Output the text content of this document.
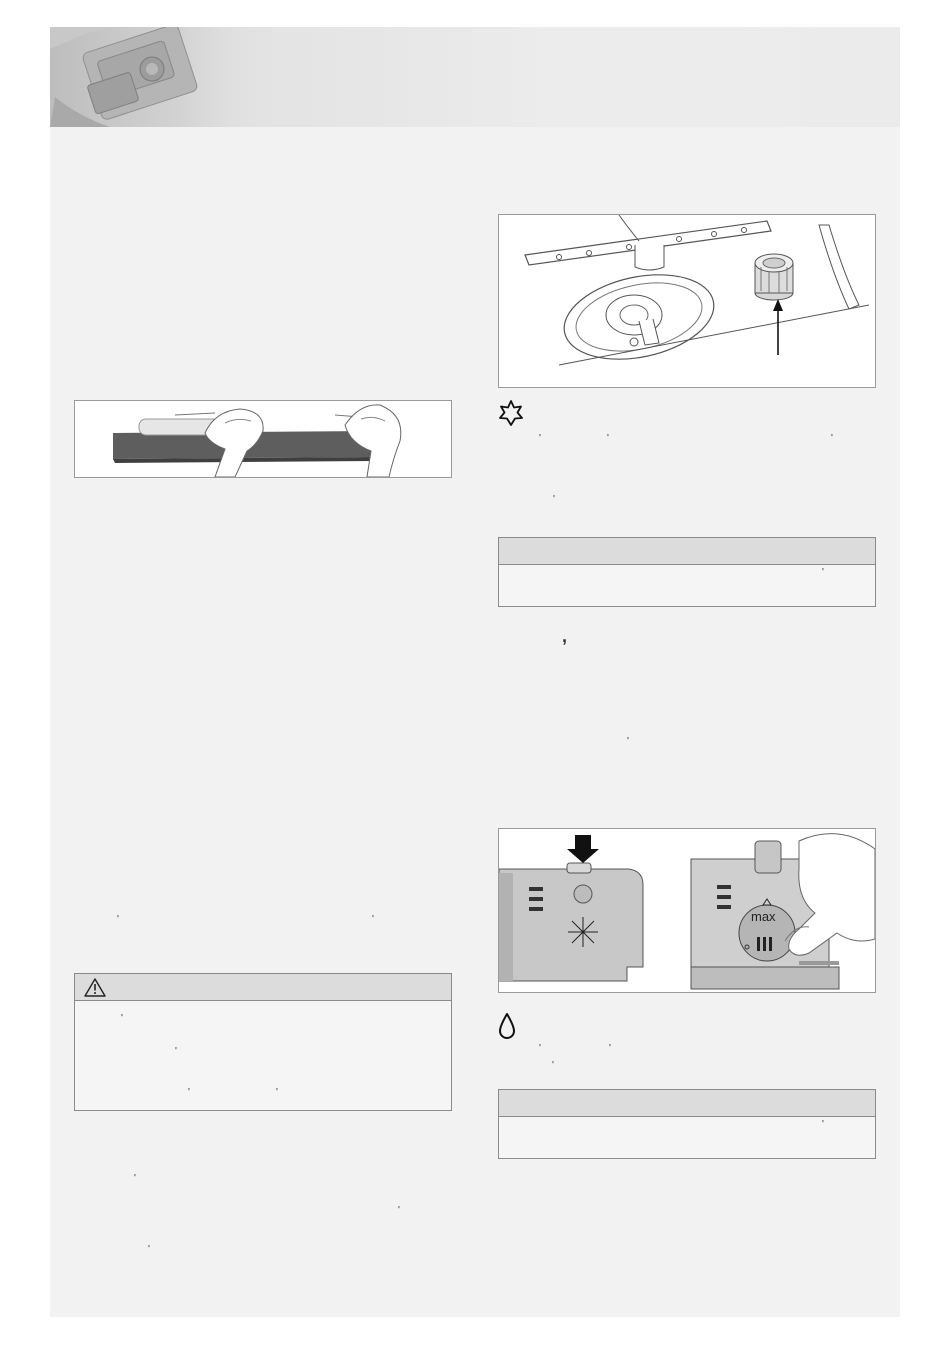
'	'
'
'
'	'
'
'
'
'	'	'
'
'
,
'
max
'	'
'
'
